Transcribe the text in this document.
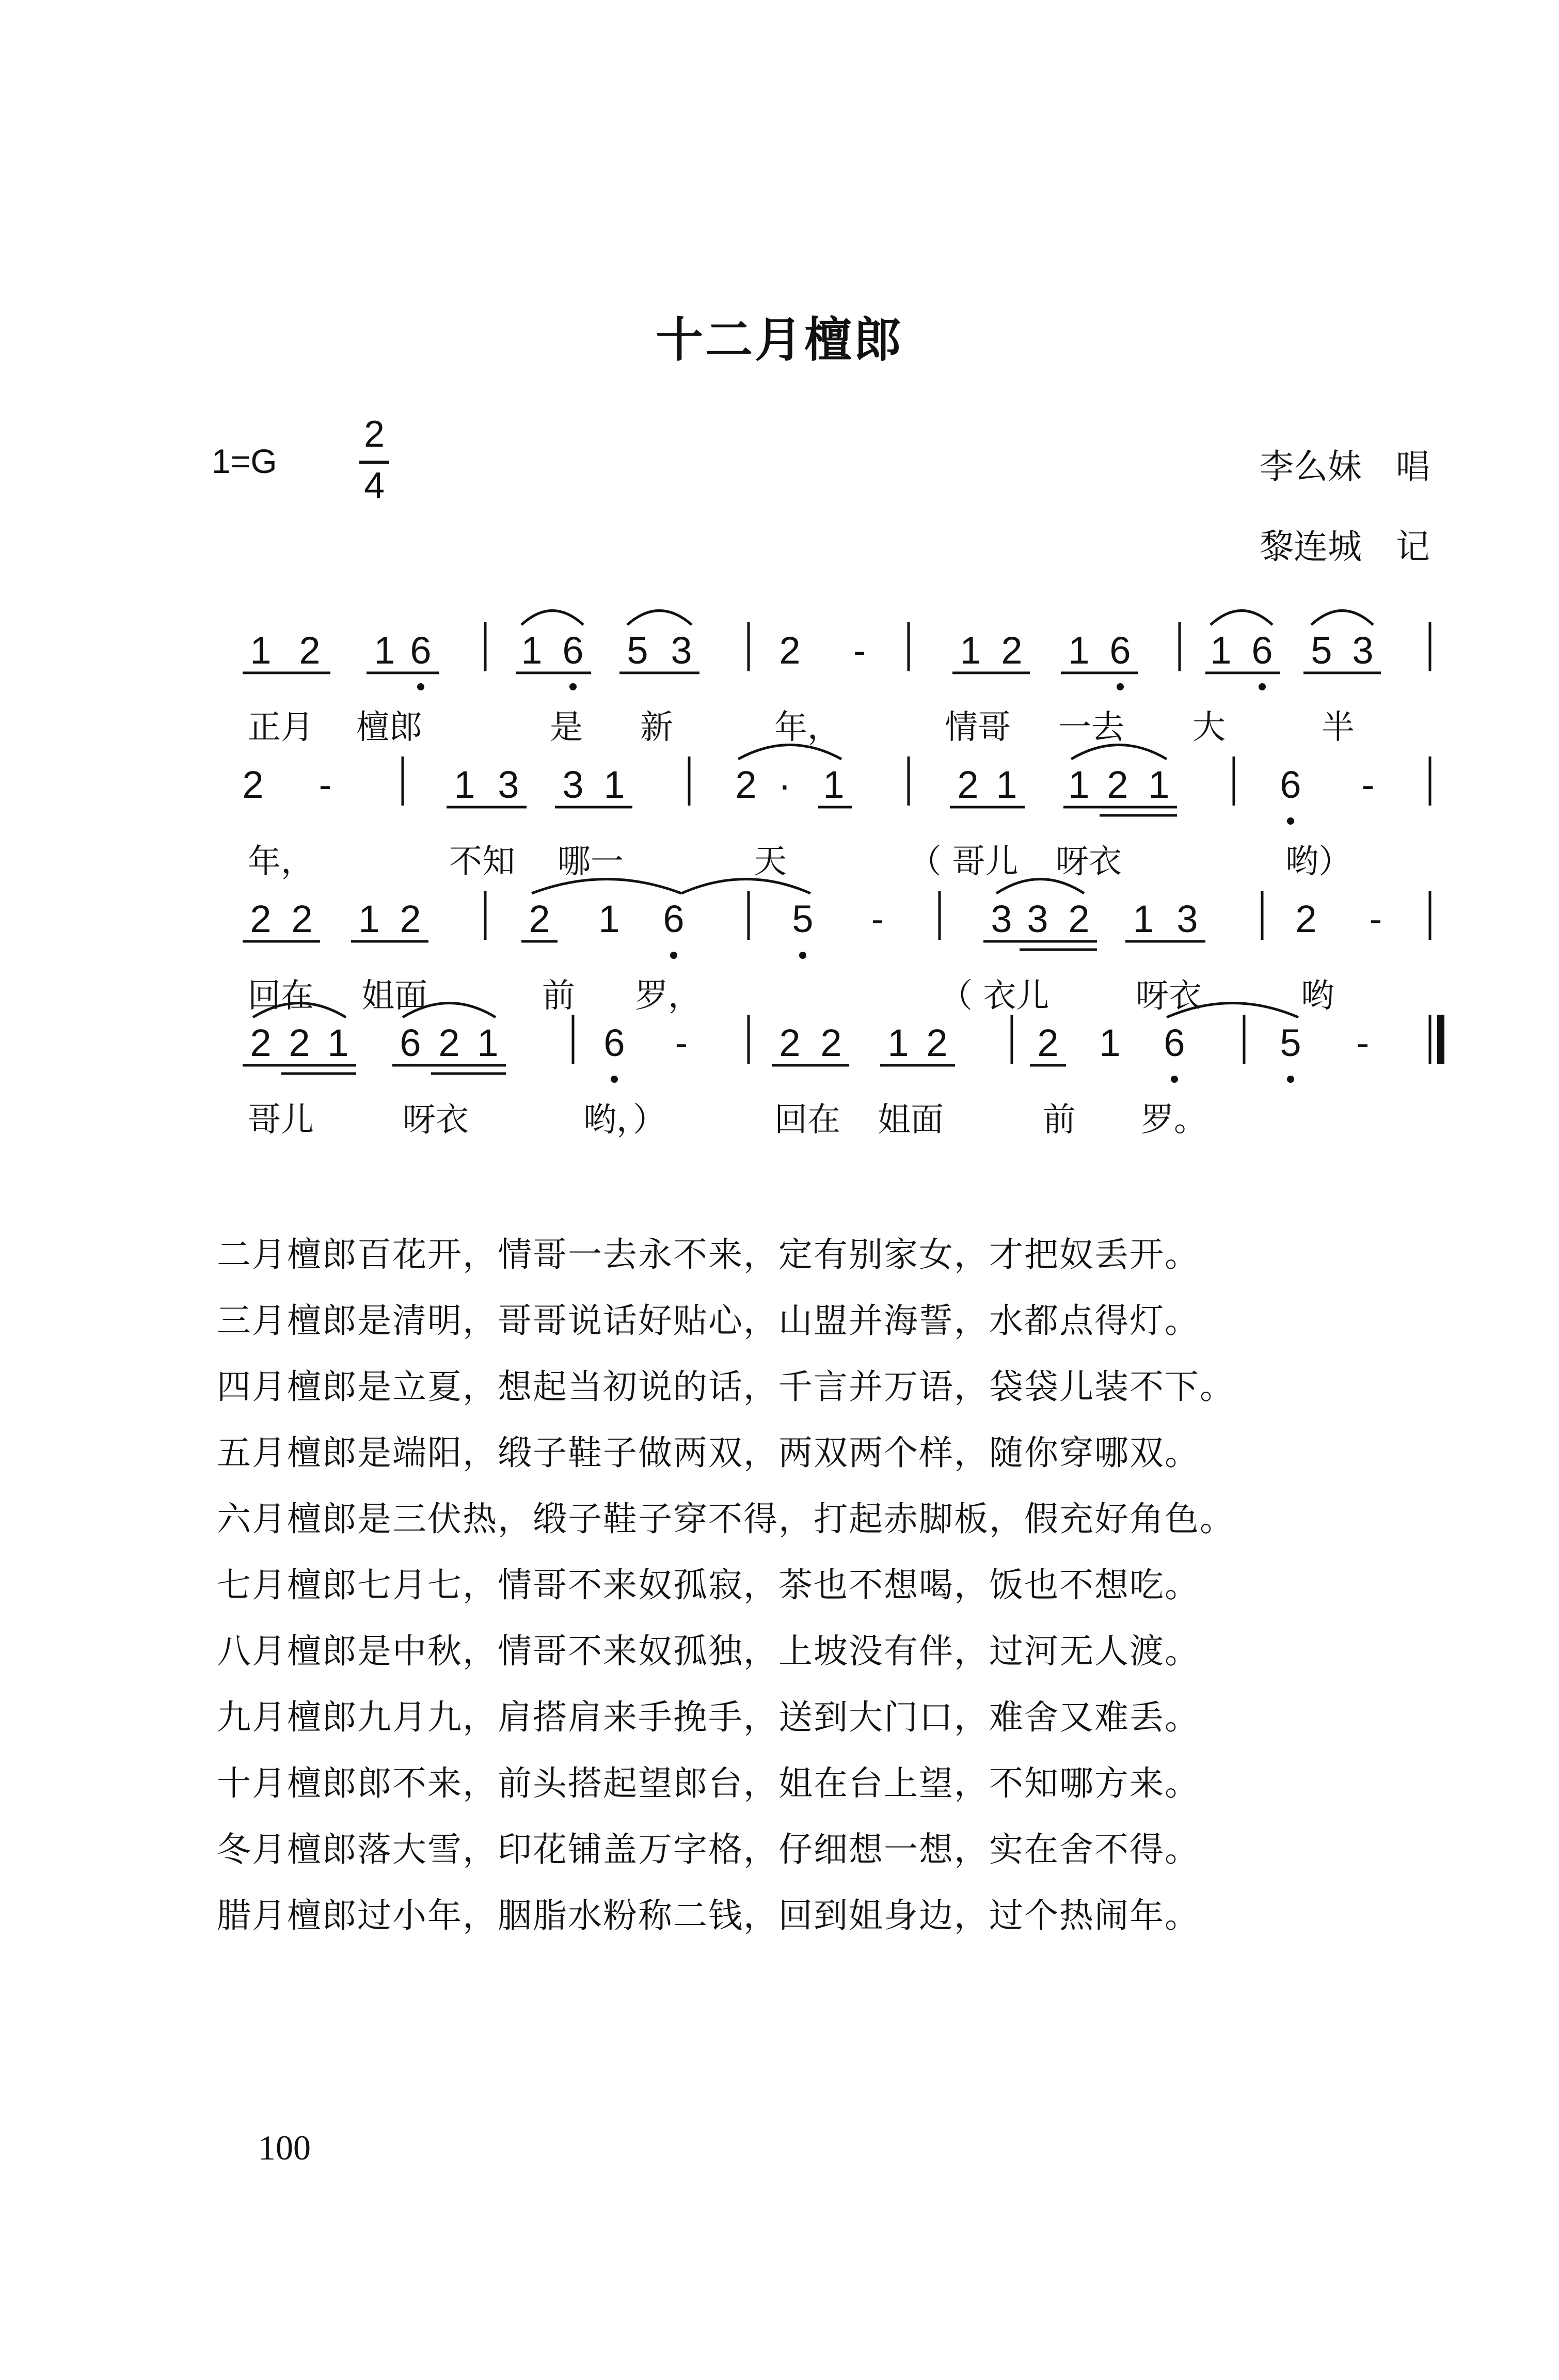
十二月檀郎
1=G
2
4	李么妹　唱
黎连城　记
1 2 1 6 1 6 5 3 2 - 1 2 1 6 1 6 5 3
正月 檀郎	是 新	年，	情哥 一去 大	半
2 -	1 3 3 1	2 · 1	2 1 1 2 1	6 -
年，	不知 哪一	天	（ 哥儿 呀衣	哟）
2 2 1 2	2 1 6	5 -	3 3 2 1 3	2 -
回在 姐面	前 罗，	（ 衣儿	呀衣	哟
2 2 1 6 2 1	6 - 2 2 1 2 2 1 6 5 -
哥儿	呀衣	哟，）	回在 姐面	前 罗。
二月檀郎百花开，情哥一去永不来，定有别家女，才把奴丢开。
三月檀郎是清明，哥哥说话好贴心，山盟并海誓，水都点得灯。
四月檀郎是立夏，想起当初说的话，千言并万语，袋袋儿装不下。
五月檀郎是端阳，缎子鞋子做两双，两双两个样，随你穿哪双。
六月檀郎是三伏热，缎子鞋子穿不得，打起赤脚板，假充好角色。
七月檀郎七月七，情哥不来奴孤寂，茶也不想喝，饭也不想吃。
八月檀郎是中秋，情哥不来奴孤独，上坡没有伴，过河无人渡。
九月檀郎九月九，肩搭肩来手挽手，送到大门口，难舍又难丢。
十月檀郎郎不来，前头搭起望郎台，姐在台上望，不知哪方来。
冬月檀郎落大雪，印花铺盖万字格，仔细想一想，实在舍不得。
腊月檀郎过小年，胭脂水粉称二钱，回到姐身边，过个热闹年。
100
